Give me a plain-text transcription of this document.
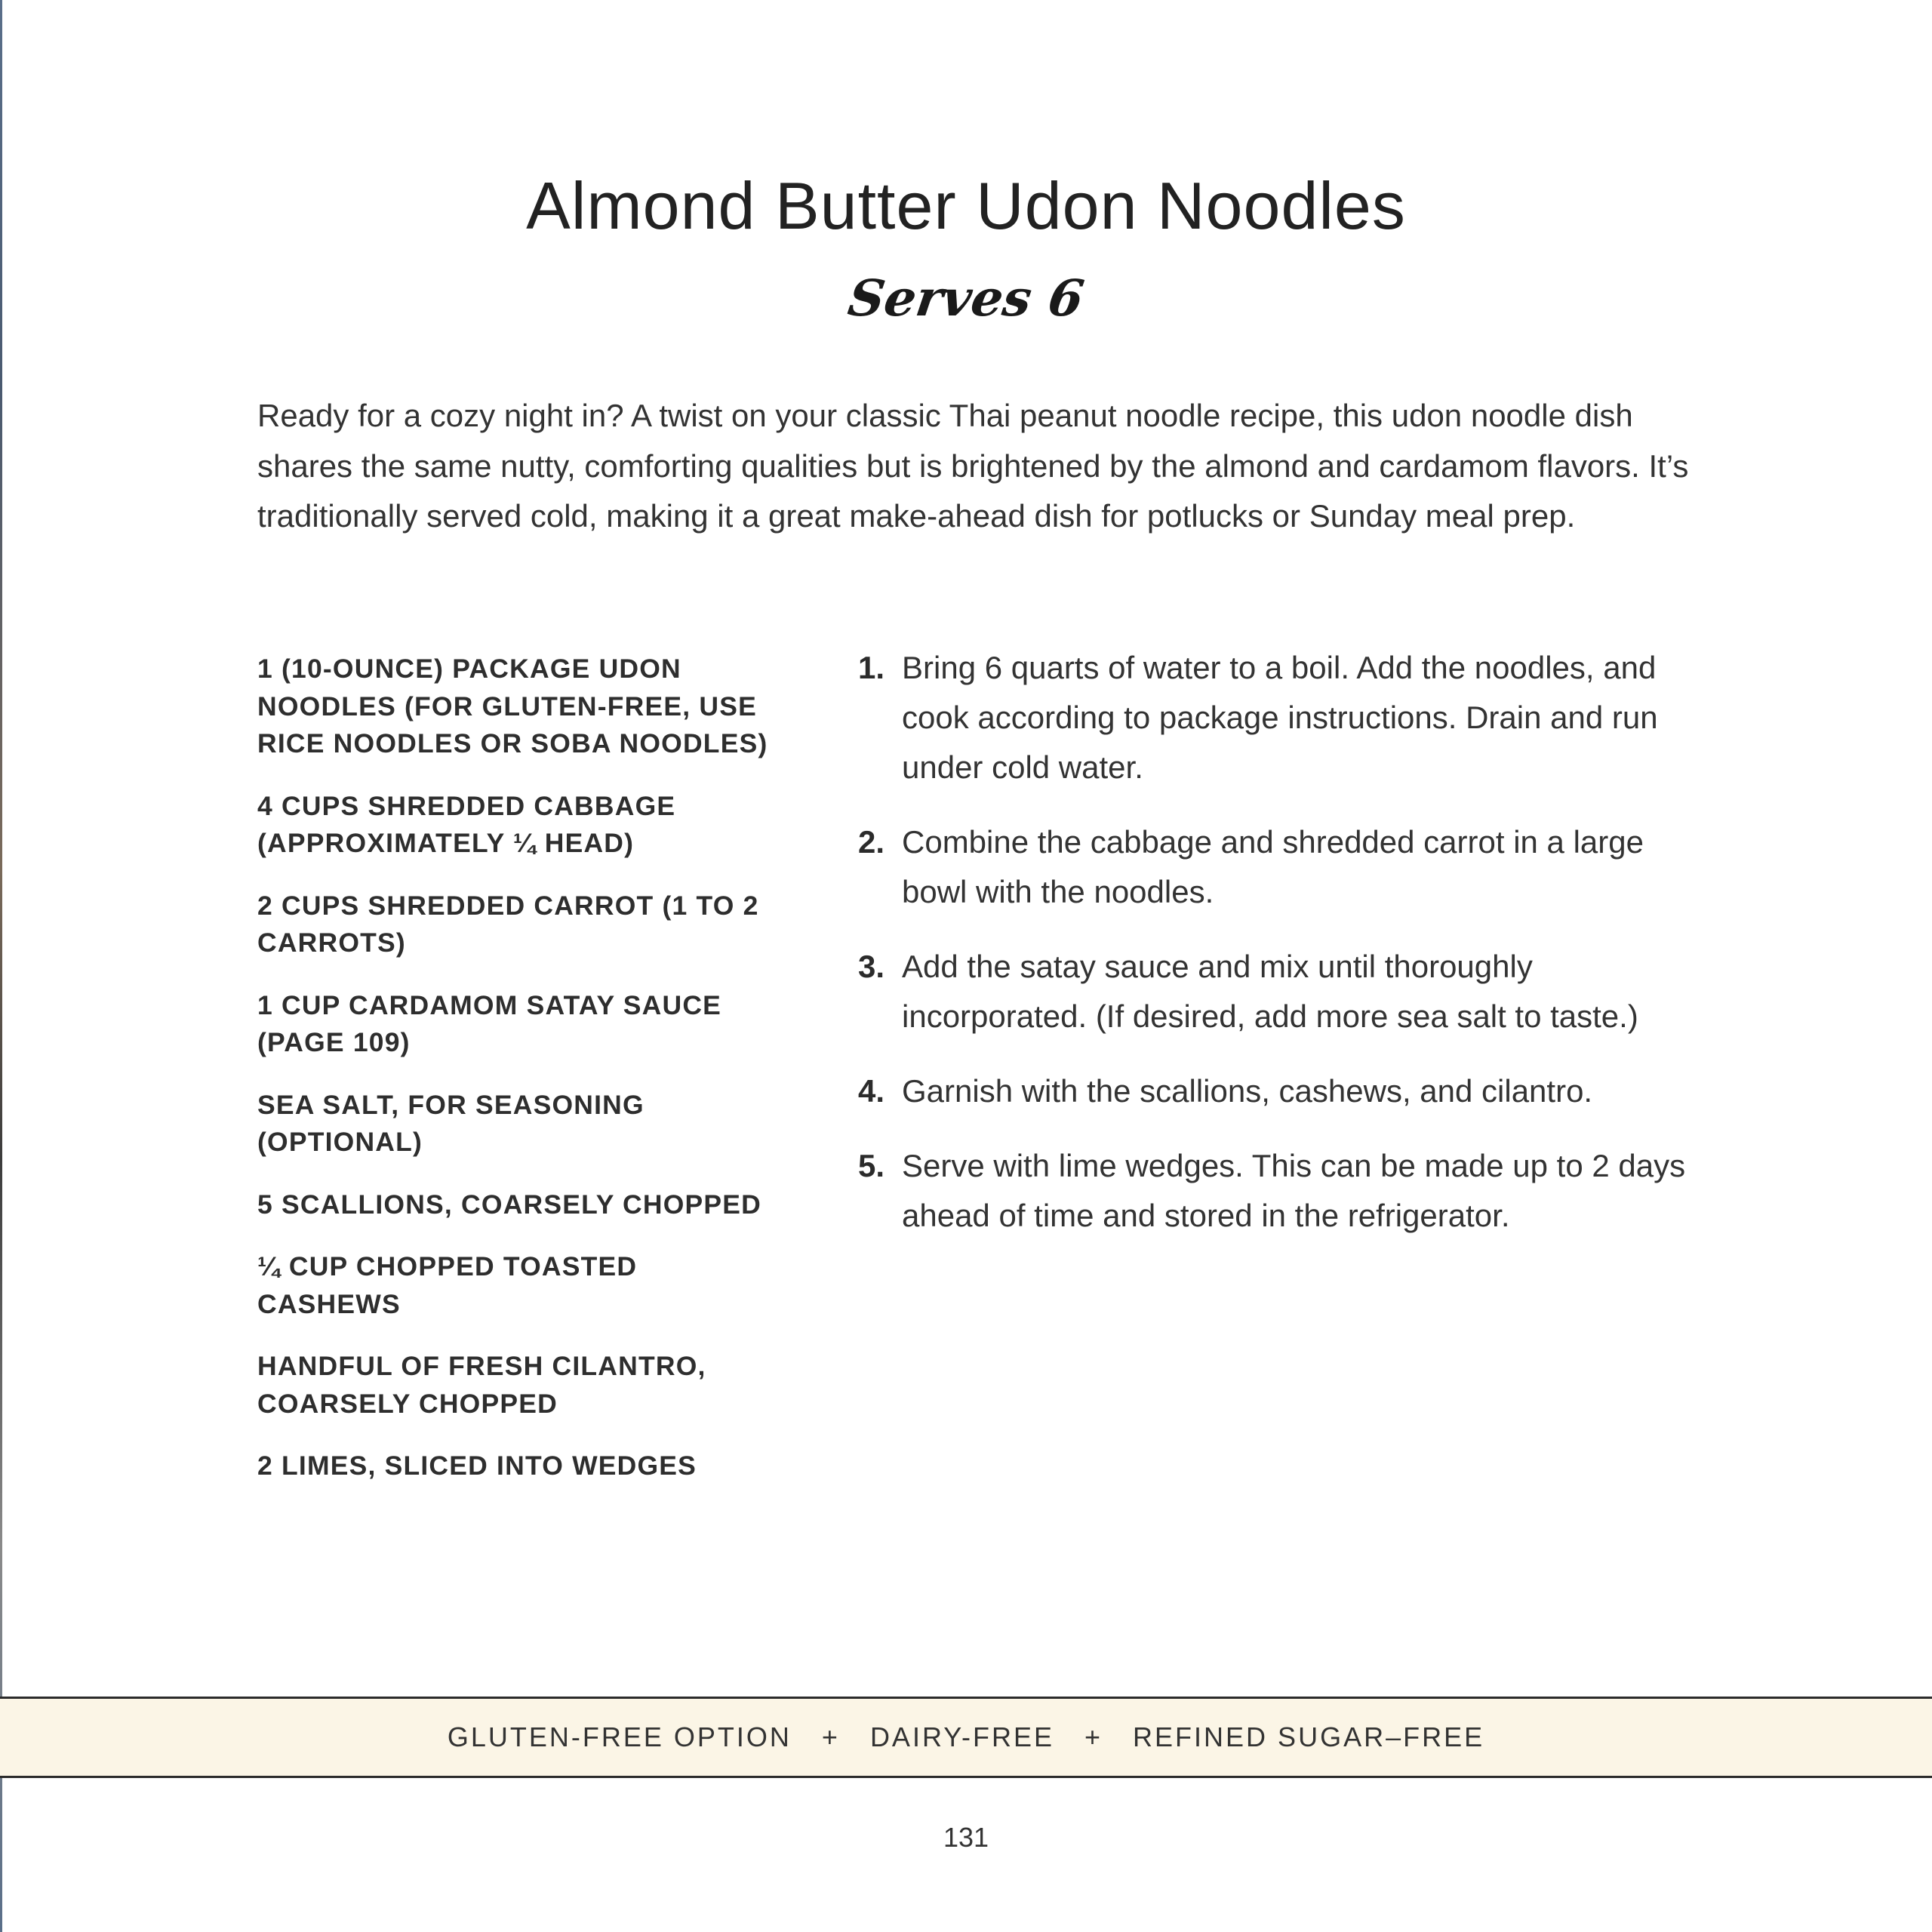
Almond Butter Udon Noodles
Serves 6

Ready for a cozy night in? A twist on your classic Thai peanut noodle recipe, this udon noodle dish shares the same nutty, comforting qualities but is brightened by the almond and cardamom flavors. It’s traditionally served cold, making it a great make-ahead dish for potlucks or Sunday meal prep.

1 (10-OUNCE) PACKAGE UDON NOODLES (FOR GLUTEN-FREE, USE RICE NOODLES OR SOBA NOODLES)
4 CUPS SHREDDED CABBAGE (APPROXIMATELY ¼ HEAD)
2 CUPS SHREDDED CARROT (1 TO 2 CARROTS)
1 CUP CARDAMOM SATAY SAUCE (PAGE 109)
SEA SALT, FOR SEASONING (OPTIONAL)
5 SCALLIONS, COARSELY CHOPPED
¼ CUP CHOPPED TOASTED CASHEWS
HANDFUL OF FRESH CILANTRO, COARSELY CHOPPED
2 LIMES, SLICED INTO WEDGES
1. Bring 6 quarts of water to a boil. Add the noodles, and cook according to package instructions. Drain and run under cold water.
2. Combine the cabbage and shredded carrot in a large bowl with the noodles.
3. Add the satay sauce and mix until thoroughly incorporated. (If desired, add more sea salt to taste.)
4. Garnish with the scallions, cashews, and cilantro.
5. Serve with lime wedges. This can be made up to 2 days ahead of time and stored in the refrigerator.
GLUTEN-FREE OPTION + DAIRY-FREE + REFINED SUGAR–FREE
131
